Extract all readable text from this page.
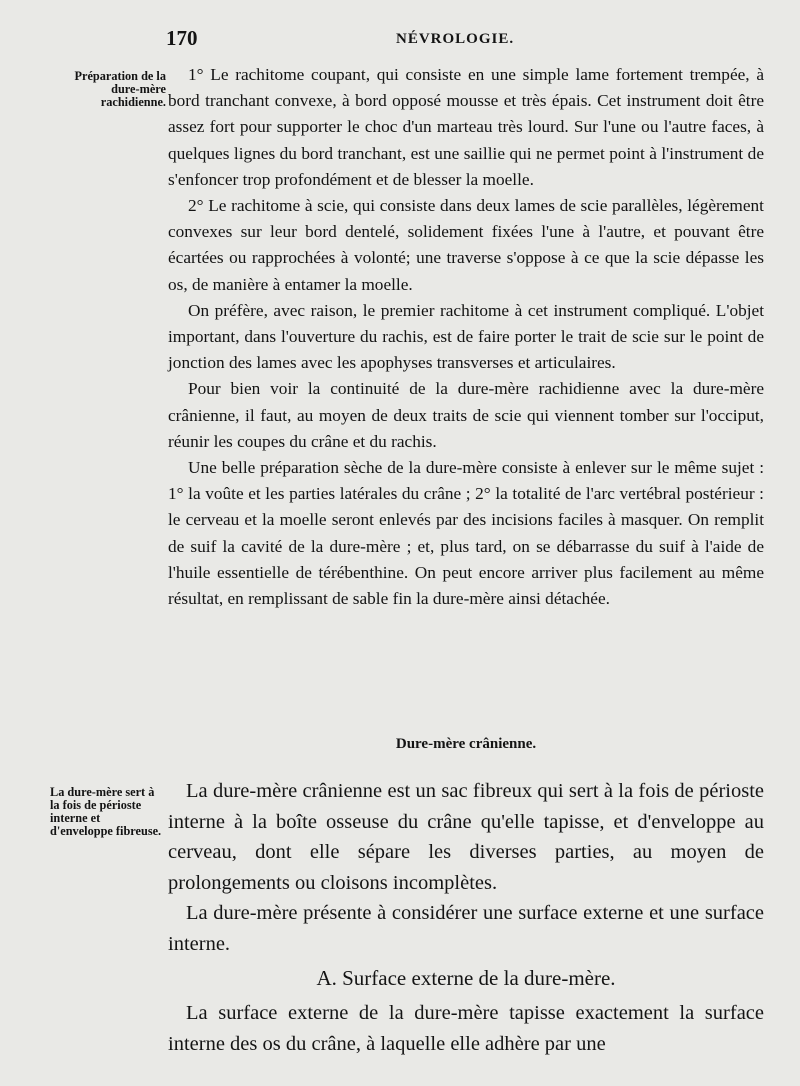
170	NÉVROLOGIE.
Préparation de la dure-mère rachidienne.

1° Le rachitome coupant, qui consiste en une simple lame fortement trempée, à bord tranchant convexe, à bord opposé mousse et très épais. Cet instrument doit être assez fort pour supporter le choc d'un marteau très lourd. Sur l'une ou l'autre faces, à quelques lignes du bord tranchant, est une saillie qui ne permet point à l'instrument de s'enfoncer trop profondément et de blesser la moelle.

2° Le rachitome à scie, qui consiste dans deux lames de scie parallèles, légèrement convexes sur leur bord dentelé, solidement fixées l'une à l'autre, et pouvant être écartées ou rapprochées à volonté; une traverse s'oppose à ce que la scie dépasse les os, de manière à entamer la moelle.

On préfère, avec raison, le premier rachitome à cet instrument compliqué. L'objet important, dans l'ouverture du rachis, est de faire porter le trait de scie sur le point de jonction des lames avec les apophyses transverses et articulaires.

Pour bien voir la continuité de la dure-mère rachidienne avec la dure-mère crânienne, il faut, au moyen de deux traits de scie qui viennent tomber sur l'occiput, réunir les coupes du crâne et du rachis.

Une belle préparation sèche de la dure-mère consiste à enlever sur le même sujet : 1° la voûte et les parties latérales du crâne ; 2° la totalité de l'arc vertébral postérieur : le cerveau et la moelle seront enlevés par des incisions faciles à masquer. On remplit de suif la cavité de la dure-mère ; et, plus tard, on se débarrasse du suif à l'aide de l'huile essentielle de térébenthine. On peut encore arriver plus facilement au même résultat, en remplissant de sable fin la dure-mère ainsi détachée.

Dure-mère crânienne.
La dure-mère sert à la fois de périoste interne et d'enveloppe fibreuse.

La dure-mère crânienne est un sac fibreux qui sert à la fois de périoste interne à la boîte osseuse du crâne qu'elle tapisse, et d'enveloppe au cerveau, dont elle sépare les diverses parties, au moyen de prolongements ou cloisons incomplètes.

La dure-mère présente à considérer une surface externe et une surface interne.

A. Surface externe de la dure-mère.

La surface externe de la dure-mère tapisse exactement la surface interne des os du crâne, à laquelle elle adhère par une
